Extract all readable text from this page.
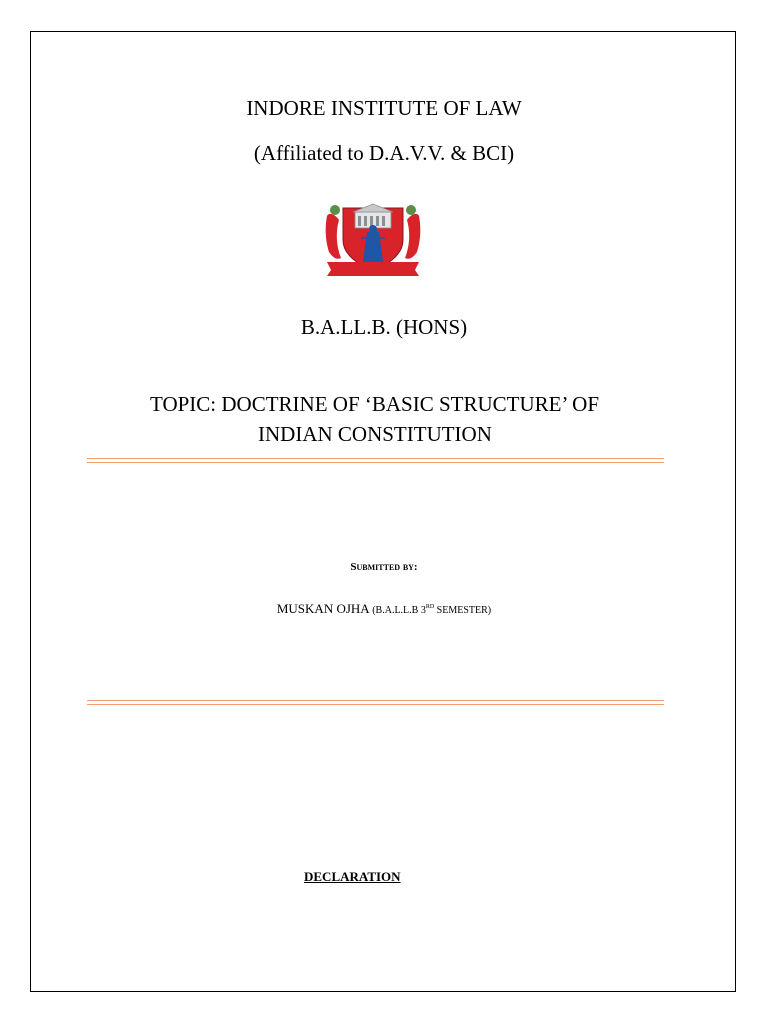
INDORE INSTITUTE OF LAW
(Affiliated to D.A.V.V. & BCI)
B.A.LL.B. (HONS)
TOPIC: DOCTRINE OF ‘BASIC STRUCTURE’ OF
INDIAN CONSTITUTION
Submitted by:
MUSKAN OJHA (B.A.L.L.B 3RD SEMESTER)
DECLARATION
